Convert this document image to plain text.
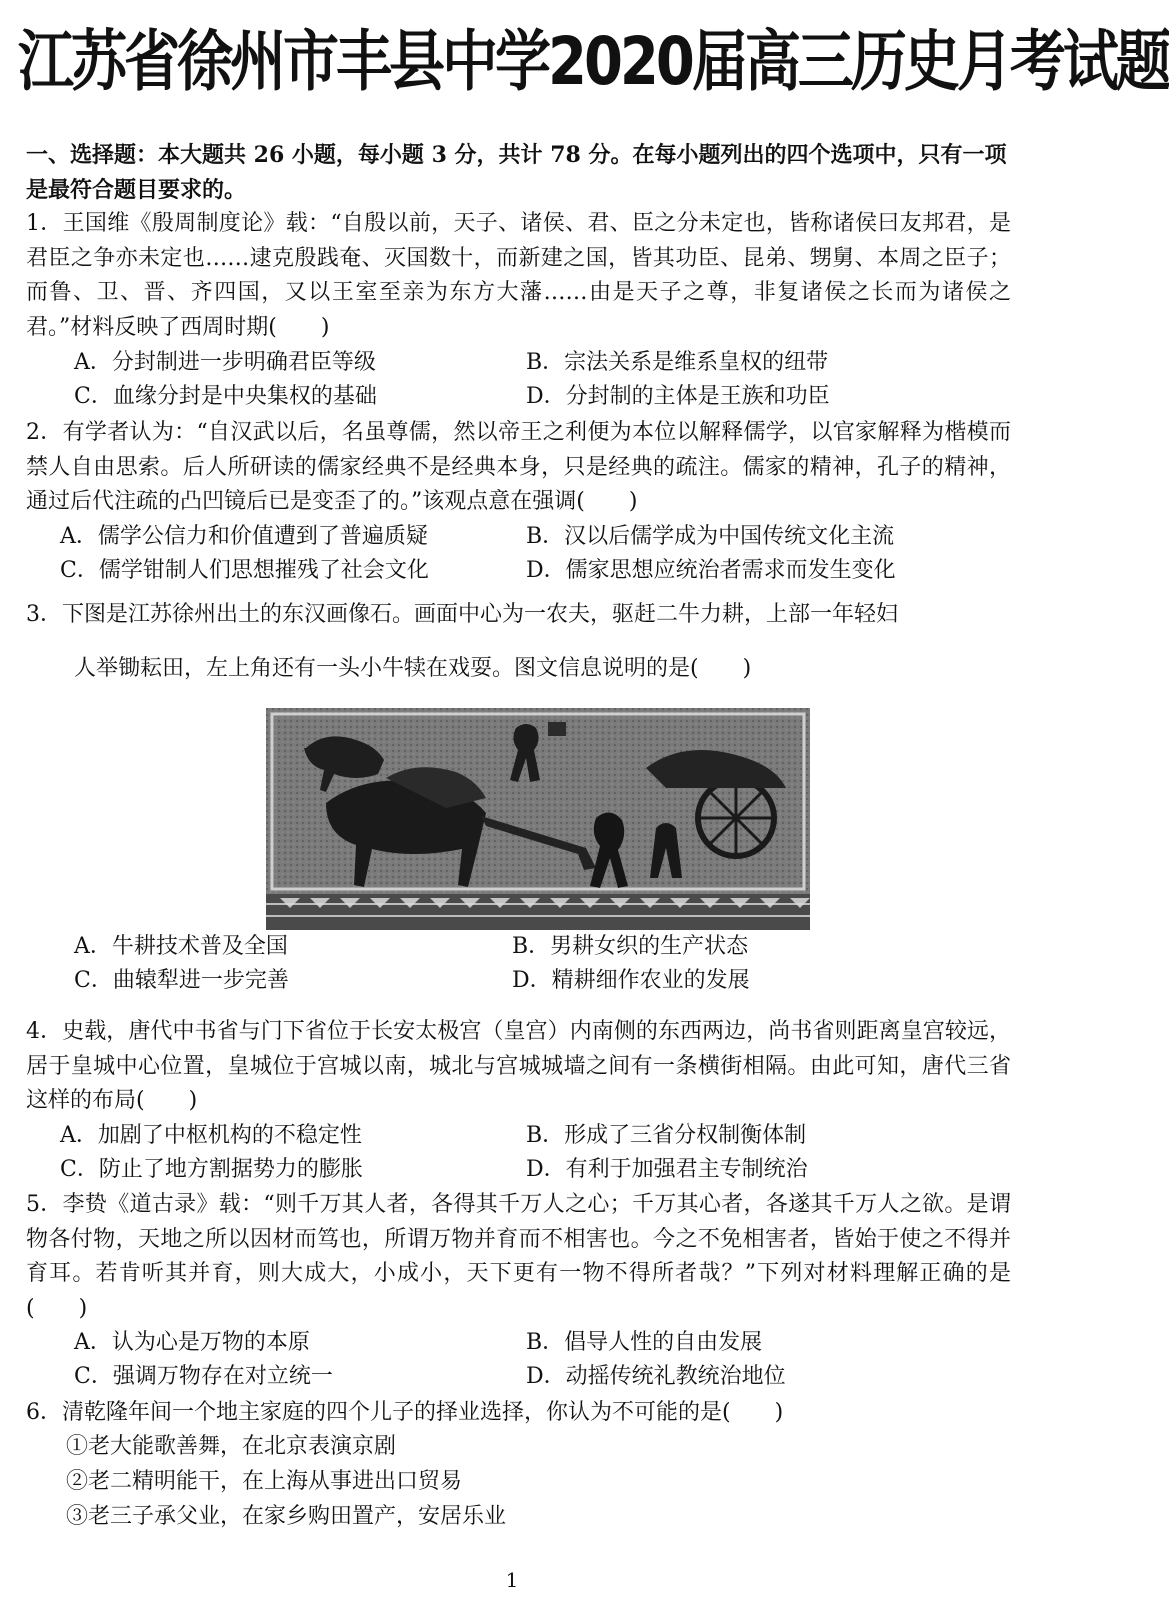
江苏省徐州市丰县中学2020届高三历史月考试题
一、选择题：本大题共 26 小题，每小题 3 分，共计 78 分。在每小题列出的四个选项中，只有一项是最符合题目要求的。
1．王国维《殷周制度论》载：“自殷以前，天子、诸侯、君、臣之分未定也，皆称诸侯曰友邦君，是君臣之争亦未定也……逮克殷践奄、灭国数十，而新建之国，皆其功臣、昆弟、甥舅、本周之臣子；而鲁、卫、晋、齐四国，又以王室至亲为东方大藩……由是天子之尊，非复诸侯之长而为诸侯之君。”材料反映了西周时期(　　)
A．分封制进一步明确君臣等级	B．宗法关系是维系皇权的纽带
C．血缘分封是中央集权的基础	D．分封制的主体是王族和功臣
2．有学者认为：“自汉武以后，名虽尊儒，然以帝王之利便为本位以解释儒学，以官家解释为楷模而禁人自由思索。后人所研读的儒家经典不是经典本身，只是经典的疏注。儒家的精神，孔子的精神，通过后代注疏的凸凹镜后已是变歪了的。”该观点意在强调(　　)
A．儒学公信力和价值遭到了普遍质疑	B．汉以后儒学成为中国传统文化主流
C．儒学钳制人们思想摧残了社会文化	D．儒家思想应统治者需求而发生变化
3．下图是江苏徐州出土的东汉画像石。画面中心为一农夫，驱赶二牛力耕，上部一年轻妇
人举锄耘田，左上角还有一头小牛犊在戏耍。图文信息说明的是(　　)
A．牛耕技术普及全国	B．男耕女织的生产状态
C．曲辕犁进一步完善	D．精耕细作农业的发展
4．史载，唐代中书省与门下省位于长安太极宫（皇宫）内南侧的东西两边，尚书省则距离皇宫较远，居于皇城中心位置，皇城位于宫城以南，城北与宫城城墙之间有一条横街相隔。由此可知，唐代三省这样的布局(　　)
A．加剧了中枢机构的不稳定性	B．形成了三省分权制衡体制
C．防止了地方割据势力的膨胀	D．有利于加强君主专制统治
5．李贽《道古录》载：“则千万其人者，各得其千万人之心；千万其心者，各遂其千万人之欲。是谓物各付物，天地之所以因材而笃也，所谓万物并育而不相害也。今之不免相害者，皆始于使之不得并育耳。若肯听其并育，则大成大，小成小，天下更有一物不得所者哉？”下列对材料理解正确的是(　　)
A．认为心是万物的本原	B．倡导人性的自由发展
C．强调万物存在对立统一	D．动摇传统礼教统治地位
6．清乾隆年间一个地主家庭的四个儿子的择业选择，你认为不可能的是(　　)
①老大能歌善舞，在北京表演京剧
②老二精明能干，在上海从事进出口贸易
③老三子承父业，在家乡购田置产，安居乐业
1
